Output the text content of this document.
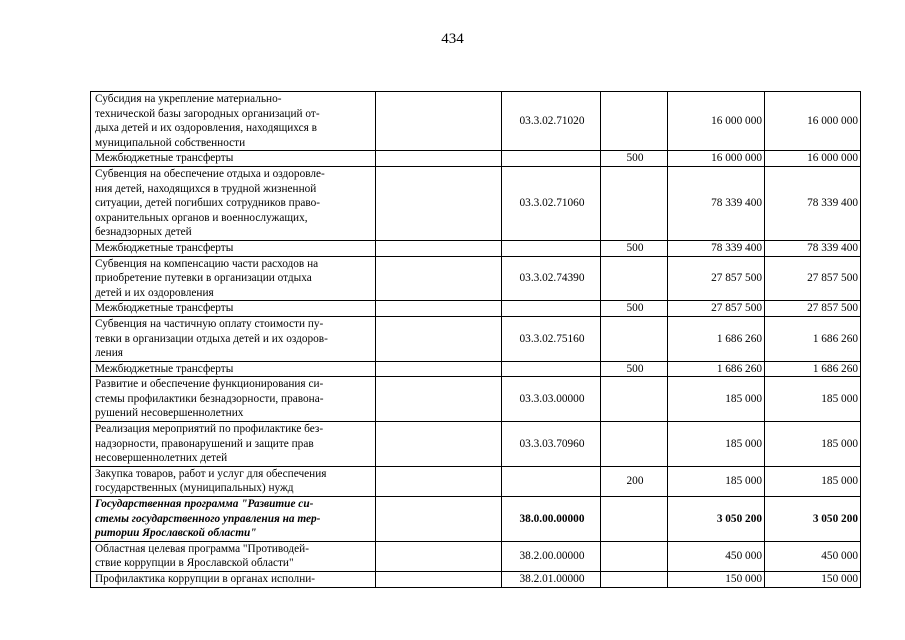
434
Субсидия на укрепление материально-
технической базы загородных организаций от-
дыха детей и их оздоровления, находящихся в
муниципальной собственности		03.3.02.71020		16 000 000	16 000 000

Межбюджетные трансферты			500	16 000 000	16 000 000

Субвенция на обеспечение отдыха и оздоровле-
ния детей, находящихся в трудной жизненной
ситуации, детей погибших сотрудников право-
охранительных органов и военнослужащих,
безнадзорных детей		03.3.02.71060		78 339 400	78 339 400

Межбюджетные трансферты			500	78 339 400	78 339 400

Субвенция на компенсацию части расходов на
приобретение путевки в организации отдыха
детей и их оздоровления		03.3.02.74390		27 857 500	27 857 500

Межбюджетные трансферты			500	27 857 500	27 857 500

Субвенция на частичную оплату стоимости пу-
тевки в организации отдыха детей и их оздоров-
ления		03.3.02.75160		1 686 260	1 686 260

Межбюджетные трансферты			500	1 686 260	1 686 260

Развитие и обеспечение функционирования си-
стемы профилактики безнадзорности, правона-
рушений несовершеннолетних		03.3.03.00000		185 000	185 000

Реализация мероприятий по профилактике без-
надзорности, правонарушений и защите прав
несовершеннолетних детей		03.3.03.70960		185 000	185 000

Закупка товаров, работ и услуг для обеспечения
государственных (муниципальных) нужд			200	185 000	185 000

Государственная программа "Развитие си-
стемы государственного управления на тер-
ритории Ярославской области"		38.0.00.00000		3 050 200	3 050 200

Областная целевая программа "Противодей-
ствие коррупции в Ярославской области"		38.2.00.00000		450 000	450 000

Профилактика коррупции в органах исполни-		38.2.01.00000		150 000	150 000
